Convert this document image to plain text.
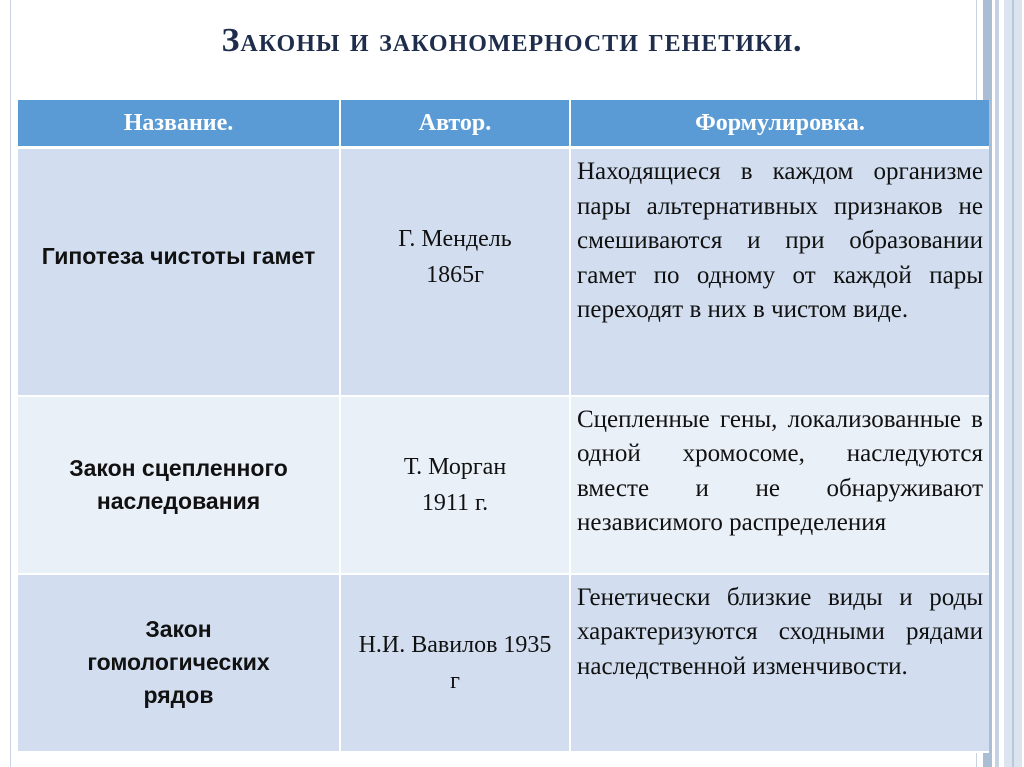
Законы и закономерности генетики.
Название.	Автор.	Формулировка.
Гипотеза чистоты гамет	Г. Мендель 1865г	Находящиеся в каждом организме пары альтернативных признаков не смешиваются и при образовании гамет по одному от каждой пары переходят в них в чистом виде.
Закон сцепленного наследования	Т. Морган 1911 г.	Сцепленные гены, локализованные в одной хромосоме, наследуются вместе и не обнаруживают независимого распределения
Закон гомологических рядов	Н.И. Вавилов 1935 г	Генетически близкие виды и роды характеризуются сходными рядами наследственной изменчивости.
